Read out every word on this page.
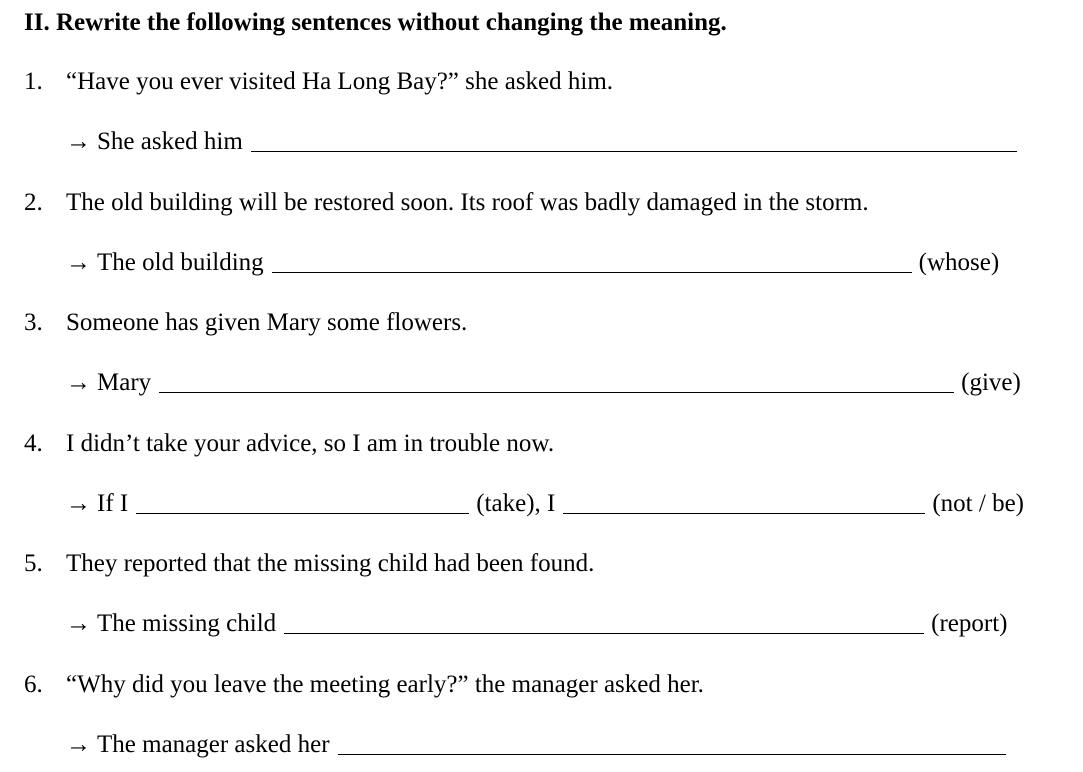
II. Rewrite the following sentences without changing the meaning.
1. “Have you ever visited Ha Long Bay?” she asked him.
→ She asked him
2. The old building will be restored soon. Its roof was badly damaged in the storm.
→ The old building	(whose)
3. Someone has given Mary some flowers.
→ Mary	(give)
4. I didn’t take your advice, so I am in trouble now.
→ If I	(take), I	(not / be)
5. They reported that the missing child had been found.
→ The missing child	(report)
6. “Why did you leave the meeting early?” the manager asked her.
→ The manager asked her
